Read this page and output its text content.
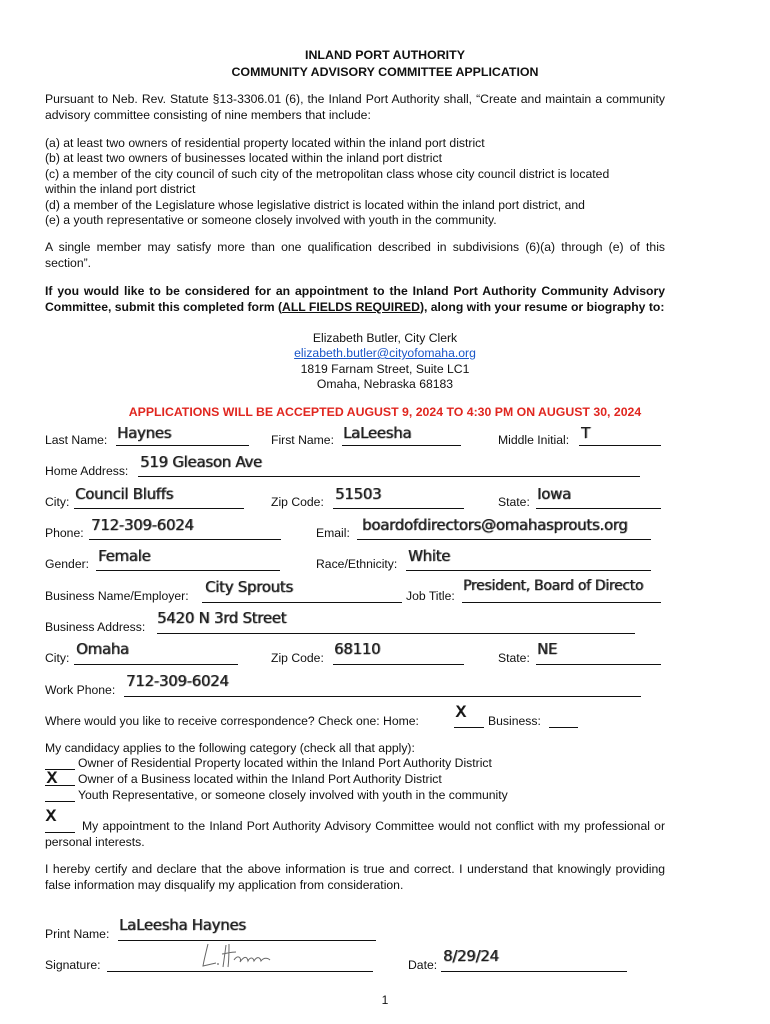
INLAND PORT AUTHORITY
COMMUNITY ADVISORY COMMITTEE APPLICATION
Pursuant to Neb. Rev. Statute §13-3306.01 (6), the Inland Port Authority shall, “Create and maintain a community advisory committee consisting of nine members that include:
(a) at least two owners of residential property located within the inland port district
(b) at least two owners of businesses located within the inland port district
(c) a member of the city council of such city of the metropolitan class whose city council district is located
within the inland port district
(d) a member of the Legislature whose legislative district is located within the inland port district, and
(e) a youth representative or someone closely involved with youth in the community.
A single member may satisfy more than one qualification described in subdivisions (6)(a) through (e) of this section”.
If you would like to be considered for an appointment to the Inland Port Authority Community Advisory Committee, submit this completed form (ALL FIELDS REQUIRED), along with your resume or biography to:
Elizabeth Butler, City Clerk
elizabeth.butler@cityofomaha.org
1819 Farnam Street, Suite LC1
Omaha, Nebraska 68183
APPLICATIONS WILL BE ACCEPTED AUGUST 9, 2024 TO 4:30 PM ON AUGUST 30, 2024
Last Name: Haynes	First Name: LaLeesha	Middle Initial: T
Home Address: 519 Gleason Ave
City: Council Bluffs	Zip Code: 51503	State: Iowa
Phone: 712-309-6024	Email: boardofdirectors@omahasprouts.org
Gender: Female	Race/Ethnicity: White
Business Name/Employer: City Sprouts	Job Title:
President, Board of Directo
Business Address: 5420 N 3rd Street
City: Omaha	Zip Code: 68110	State: NE
Work Phone: 712-309-6024
Where would you like to receive correspondence? Check one: Home: X Business:
My candidacy applies to the following category (check all that apply):
Owner of Residential Property located within the Inland Port Authority District
X Owner of a Business located within the Inland Port Authority District
Youth Representative, or someone closely involved with youth in the community
X
My appointment to the Inland Port Authority Advisory Committee would not conflict with my professional or personal interests.
I hereby certify and declare that the above information is true and correct. I understand that knowingly providing false information may disqualify my application from consideration.
Print Name: LaLeesha Haynes
Signature:	Date: 8/29/24
1
